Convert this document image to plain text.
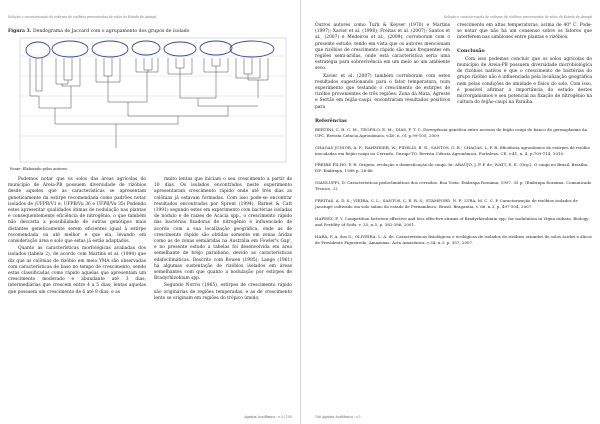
Seleção e caracterização de estirpes de rizóbios provenientes de solos do Estado de Amapá
Figura 3. Dendograma de Jaccard com o agrupamento dos grupos de isolado
Fonte: Elaborado pelos autores.

Podemos notar que os solos das áreas agrícolas do município de Areia-PB possuem diversidade de rizóbios desde aqueles que as características se apresentam geneticamente da estirpe recomendada como padrões notar isolados de (UFPB/V1 e; UFPB/Vu 36 e UFPB/Vu 35) Podendo estes apresentar qualidades ótimas de nodulação nas plantas e consequentemente eficiência de nitrogênio, o que também não descarta a possibilidade de outras genótipos mais distantes geneticamente serem eficientes igual à estirpe recomendada ou até melhor e que ela, levando em consideração área e solo que estas já estão adaptados.

Quanto as características morfológicas avaliadas dos isolados (tabela 2), de acordo com Martins et al. (1994) que diz que as colônias de rizóbio em meio YMA são observadas com características de base no tempo de crescimento, sendo estas classificadas como rápido aquelas que apresentam um crescimento moderado e abundante até 3 dias; intermediárias que crescem entre 4 a 5 dias; lentas aquelas que possuem um crescimento de 6 até 9 dias; e as

muito lentas que iniciam o seu crescimento a partir de 10 dias. Os isolados encontrados neste experimento apresentaram crescimento rápido onde até três dias as colônias já estavam formadas. Com isso pode-se encontrar resultados encontrados por Sprent (1994), Barnet & Catt (1991) segundo estes em experimento com bactérias isoladas de nódulo e de raízes de Acácia spp., o crescimento rápido das bactérias fixadoras de nitrogênio é influenciado de acordo com a sua localização geográfica, onde as de crescimento rápido são obtidas somente em zonas áridas como as de zonas semiáridas na Austrália em Fowler's Gap', e no presente estudo a tabelas foi desenvolvida em área semelhante de brejo paraibano, devido as características edafoclimáticas. Descrito com Bowen (1985); Lange (1961) há algumas sustentação de rizóbios isolados em áreas semelhantes com que quanto a nodulação por estirpes de Bradyrhizobium spp.

Segundo Norris (1965), estirpes de crescimento rápido são originárias de regiões temperadas, e as de crescimento lento se originam em regiões do trópico úmido,

Agrária Acadêmica - v.3 | 105
Seleção e caracterização de estirpes de rizóbios provenientes de solos do Estado de Amapá

Outros autores como Turk & Keyser (1970) e Martins (1997); Xavier et al. (1998); Freitas et al. (2007); Santos et al., (2007) e Medeiros et al., (2009), corroboram com o presente estudo, tendo em vista que os autores mencionam que rizóbios de crescimento rápido são mais frequentes em regiões semi-áridas, onde está característica seria uma estratégia para sobrevivência em um meio ao um ambiente seco.

Xavier et al. (2007) também corroboram com estes resultados sugestionando para o fator temperatura, num experimento que testando o crescimento de estirpes de rizóbio provenientes de três regiões: Zona da Mata, Agreste e Sertão em feijão-caupi, encontraram resultados positivos para

crescimento em altas temperaturas, acima de 40° C. Pode-se notar que não há um consenso sobre os fatores que interferem nas simbioses entre plantas e rizóbios.

Conclusão

Com isso podemos concluir que os solos agrícolas do município de Areia-PB possuem diversidade microbiológica de rizóbios nativos e que o crescimento de bactérias do grupo rizóbio não é influenciada pela localização geográfica nem pelas condições de umidade e físico do solo. Com isso, é possível afirmar a importância do estudo destes microrganismos e seu potencial na fixação de nitrogênio na cultura do feijão-caupi na Paraíba.

Referências
BERTINI, C. H. C. M.; TEÓFILO, E. M.; DIAS, F. T. C. Divergência genética entre acessos de feijão caupi do banco de germoplasma da UFC. Revista Ciência Agronômica, v.40, n. 01 p.99-105, 2009
CHAGAS JUNIOR, A. F.; RAHMEIER, W.; FIDELIS, R. R.; SANTOS, G. R.; CHAGAS, L. F. B. Eficiência agronômica de estirpes de rizóbio inoculadas em feijão-caupi no Cerrado, Gurupi-TO. Revista Ciência Agronômica, Fortaleza, CE. v.41, n. 4, p.709-714, 2010.
FREIRE FILHO, F. R. Origem, evolução e domesticação do caupi. In: ARAÚJO, J. P. P. de; WATT, E. E. (Org.). O caupi no Brasil. Brasília, DF: Embrapa, 1988 p. 26-46.
GIANLUPPI, D. Características pedoclimáticas dos cerrados. Boa Vista: Embrapa Roraima, 1997. 35 p. (Embrapa Roraima. Comunicado Técnico, 2).
FREITAS, A. D. S.; VIEIRA, C. L.; SANTOS, C. E. R. S.; STAMFORD, N. P.; LYRA, M. C. C. P. Caracterização de rizóbios isolados de Jacatupé cultivado em solo salino do estado de Pernambuco, Brasil. Bragantia, v. 66, n.3, p. 497-504, 2007.
HAFEEZ, F. Y. Competition between effective and less effective strains of Bradyrhizobium spp. for nodulation in Vigna radiata. Biology and Fertility of Soils, v. 33, n.5, p. 382-386, 2001.
HARA, F. A. dos S.; OLIVEIRA, L. A. de. Características fisiológicas e ecológicas de isolados de rizóbios oriundos de solos ácidos e álicos de Presidente Figueiredo, Amazonas. Acta Amazônica, v.34, n.3, p. 357, 2007.
106 Agrária Acadêmica - v.3
